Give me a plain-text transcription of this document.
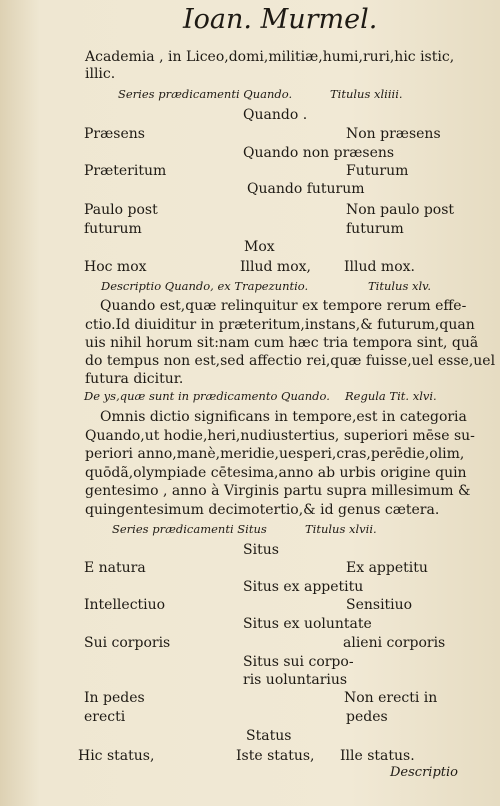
Ioan. Murmel.
Academia , in Liceo,domi,militiæ,humi,ruri,hic istic,
illic.
Series prædicamenti Quando.	Titulus xliiii.
Quando .
Præsens	Non præsens
Quando non præsens
Præteritum	Futurum
Quando futurum
Paulo post	Non paulo post
futurum	futurum
Mox
Hoc mox	Illud mox, Illud mox.
Descriptio Quando, ex Trapezuntio.	Titulus xlv.
Quando est,quæ relinquitur ex tempore rerum effe-
ctio.Id diuiditur in præteritum,instans,& futurum,quan
uis nihil horum sit:nam cum hæc tria tempora sint, quã
do tempus non est,sed affectio rei,quæ fuisse,uel esse,uel
futura dicitur.
De ys,quæ sunt in prædicamento Quando. Regula Tit. xlvi.
Omnis dictio significans in tempore,est in categoria
Quando,ut hodie,heri,nudiustertius, superiori mēse su-
periori anno,manè,meridie,uesperi,cras,perēdie,olim,
quōdã,olympiade cētesima,anno ab urbis origine quin
gentesimo , anno à Virginis partu supra millesimum &
quingentesimum decimotertio,& id genus cætera.
Series prædicamenti Situs	Titulus xlvii.
Situs
E natura	Ex appetitu
Situs ex appetitu
Intellectiuo	Sensitiuo
Situs ex uoluntate
Sui corporis	alieni corporis
Situs sui corpo-
ris uoluntarius
In pedes	Non erecti in
erecti	pedes
Status
Hic status,	Iste status, Ille status.
Descriptio
